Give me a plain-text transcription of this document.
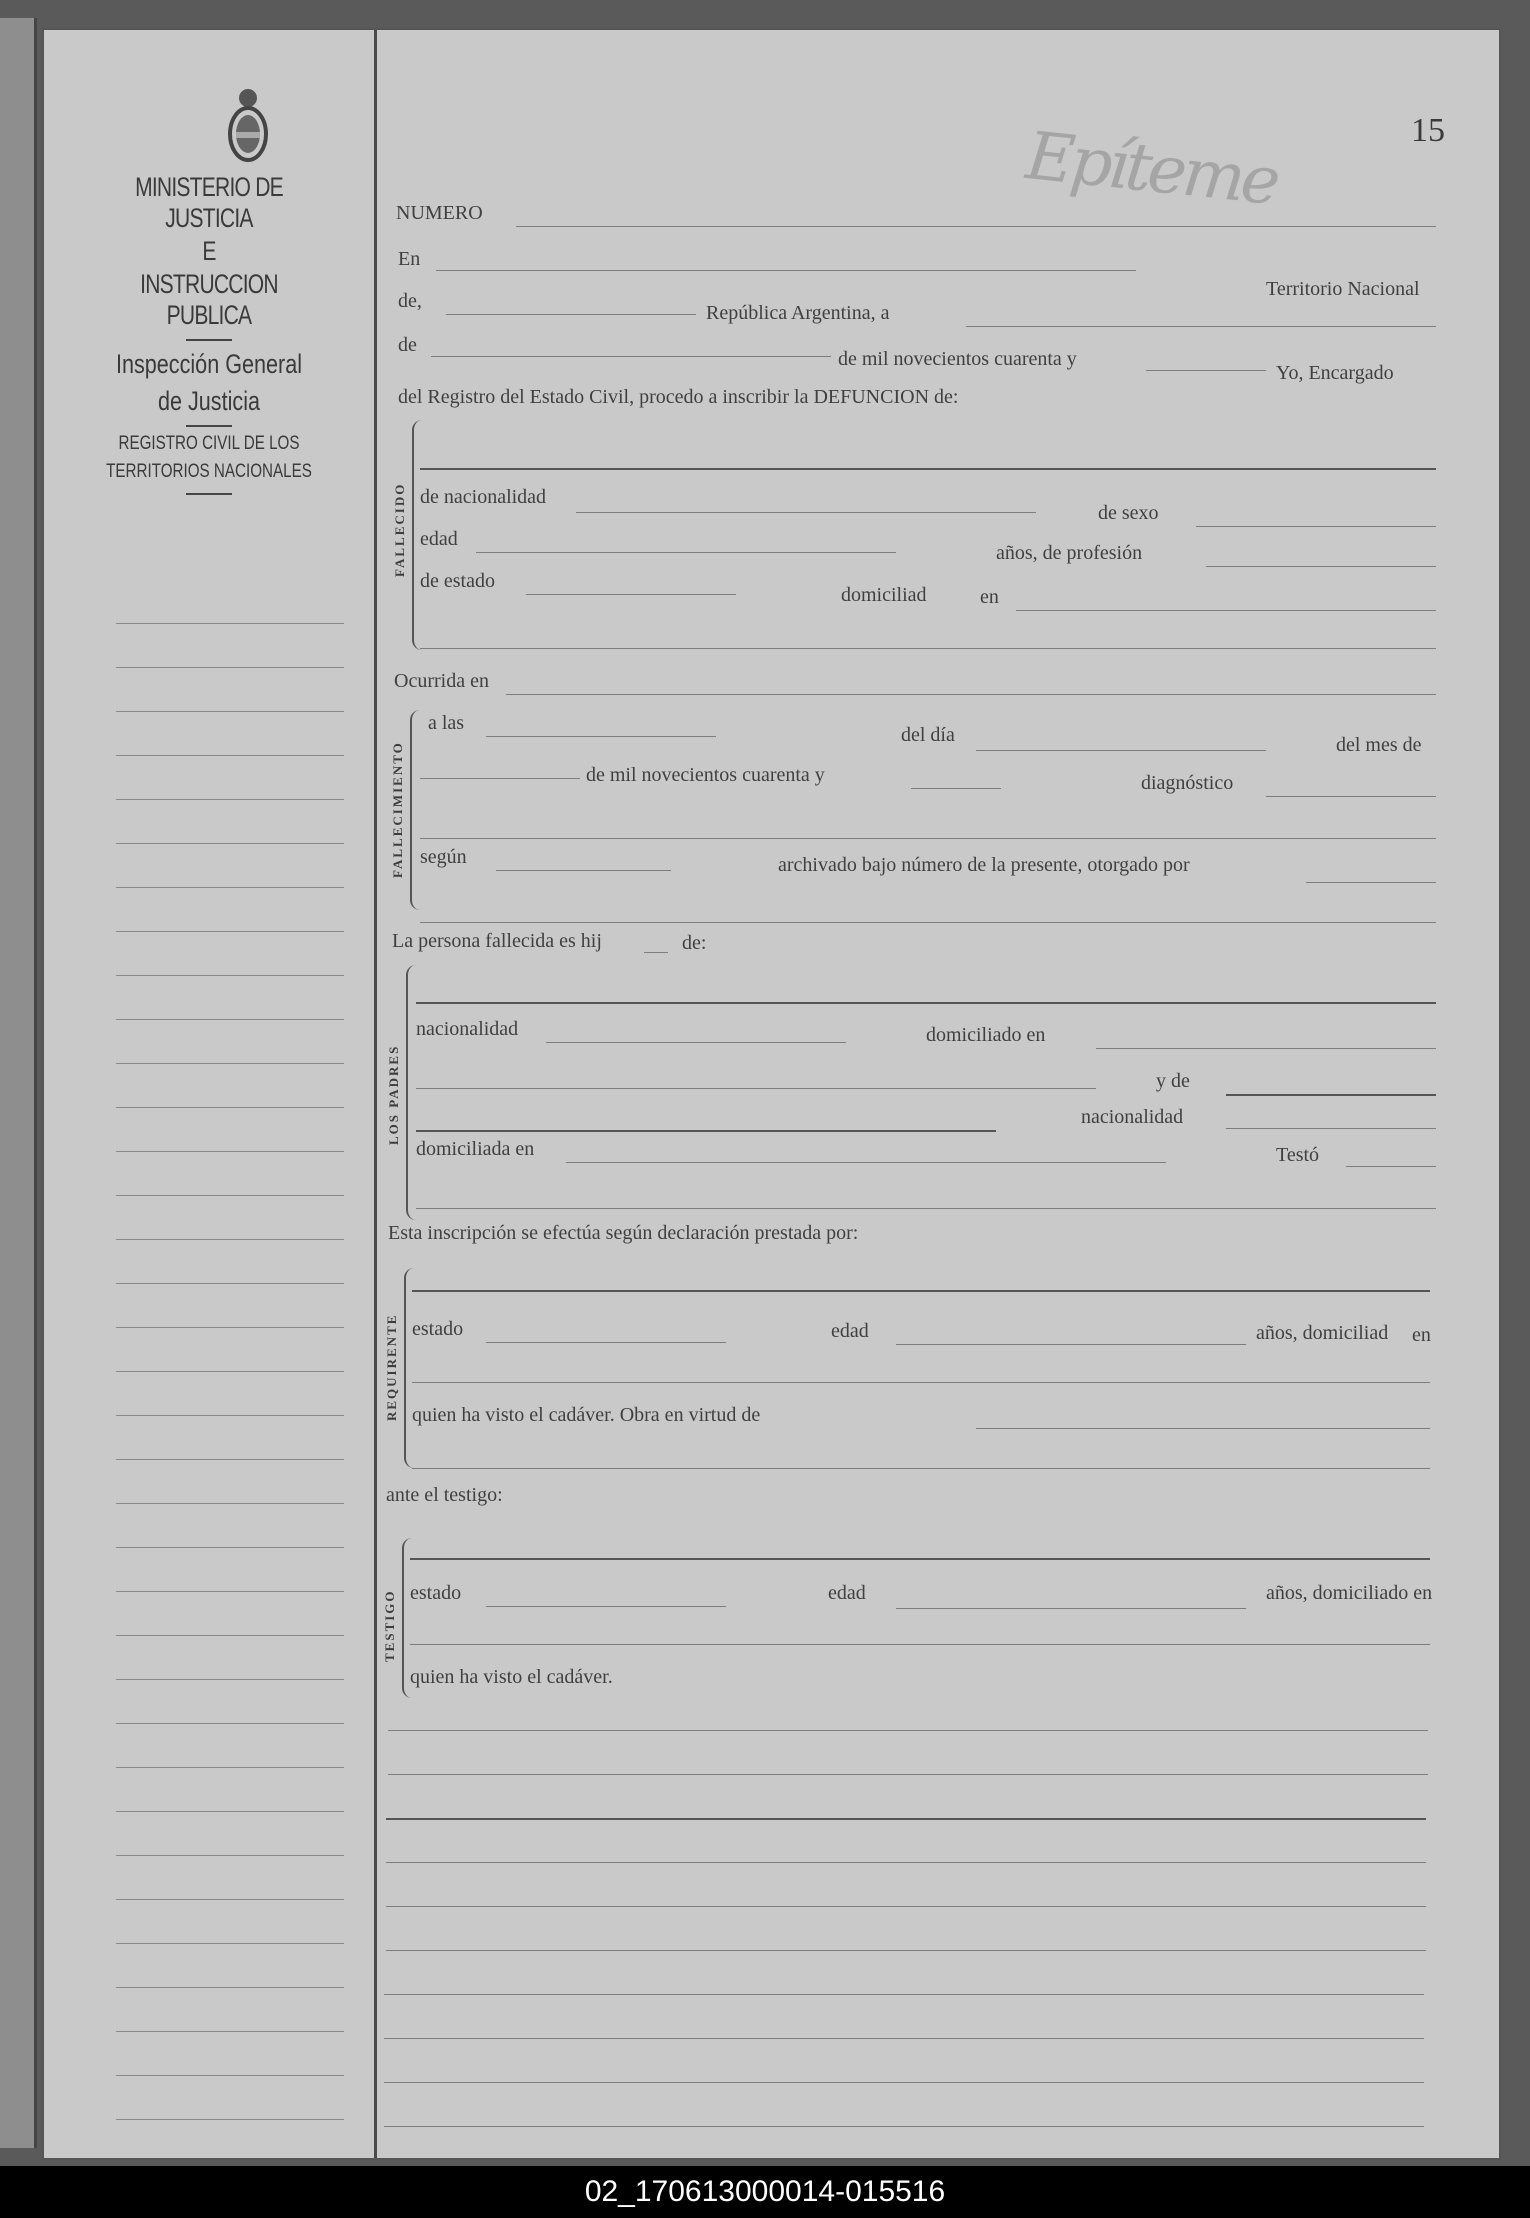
MINISTERIO DE JUSTICIA
E
INSTRUCCION PUBLICA
Inspección General
de Justicia
REGISTRO CIVIL DE LOS
TERRITORIOS NACIONALES
Epíteme	15
NUMERO
En
Territorio Nacional
de,
República Argentina, a
de
de mil novecientos cuarenta y
Yo, Encargado
del Registro del Estado Civil, procedo a inscribir la DEFUNCION de:
FALLECIDO de nacionalidad
de sexo
edad
años, de profesión
de estado
domiciliad	en
Ocurrida en
FALLECIMIENTO
a las
del día	del mes de
de mil novecientos cuarenta y	diagnóstico
según	archivado bajo número de la presente, otorgado por
La persona fallecida es hij	de:
LOS PADRES
nacionalidad	domiciliado en
y de
nacionalidad
domiciliada en	Testó
Esta inscripción se efectúa según declaración prestada por:
REQUIRENTE estado	edad	años, domiciliad en
quien ha visto el cadáver. Obra en virtud de
ante el testigo:
TESTIGO estado	edad	años, domiciliado en
quien ha visto el cadáver.
02_170613000014-015516
